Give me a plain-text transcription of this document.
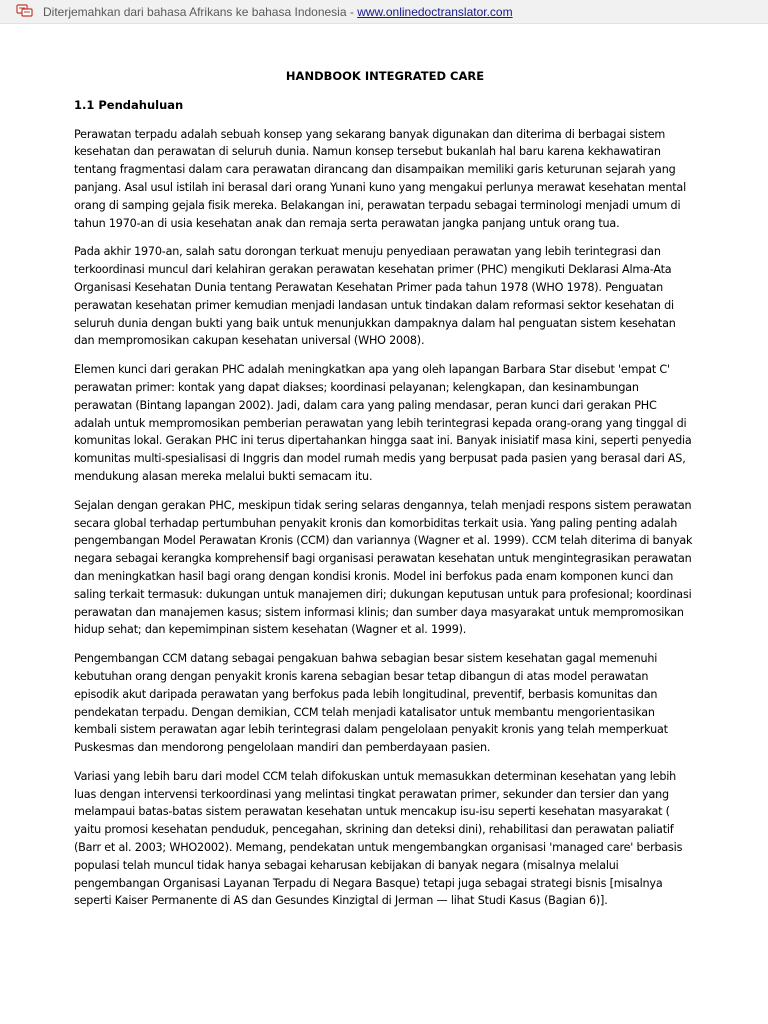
Diterjemahkan dari bahasa Afrikans ke bahasa Indonesia - www.onlinedoctranslator.com
HANDBOOK INTEGRATED CARE
1.1 Pendahuluan

Perawatan terpadu adalah sebuah konsep yang sekarang banyak digunakan dan diterima di berbagai sistem kesehatan dan perawatan di seluruh dunia. Namun konsep tersebut bukanlah hal baru karena kekhawatiran tentang fragmentasi dalam cara perawatan dirancang dan disampaikan memiliki garis keturunan sejarah yang panjang. Asal usul istilah ini berasal dari orang Yunani kuno yang mengakui perlunya merawat kesehatan mental orang di samping gejala fisik mereka. Belakangan ini, perawatan terpadu sebagai terminologi menjadi umum di tahun 1970-an di usia kesehatan anak dan remaja serta perawatan jangka panjang untuk orang tua.

Pada akhir 1970-an, salah satu dorongan terkuat menuju penyediaan perawatan yang lebih terintegrasi dan terkoordinasi muncul dari kelahiran gerakan perawatan kesehatan primer (PHC) mengikuti Deklarasi Alma-Ata Organisasi Kesehatan Dunia tentang Perawatan Kesehatan Primer pada tahun 1978 (WHO 1978). Penguatan perawatan kesehatan primer kemudian menjadi landasan untuk tindakan dalam reformasi sektor kesehatan di seluruh dunia dengan bukti yang baik untuk menunjukkan dampaknya dalam hal penguatan sistem kesehatan dan mempromosikan cakupan kesehatan universal (WHO 2008).

Elemen kunci dari gerakan PHC adalah meningkatkan apa yang oleh lapangan Barbara Star disebut 'empat C' perawatan primer: kontak yang dapat diakses; koordinasi pelayanan; kelengkapan, dan kesinambungan perawatan (Bintang lapangan 2002). Jadi, dalam cara yang paling mendasar, peran kunci dari gerakan PHC adalah untuk mempromosikan pemberian perawatan yang lebih terintegrasi kepada orang-orang yang tinggal di komunitas lokal. Gerakan PHC ini terus dipertahankan hingga saat ini. Banyak inisiatif masa kini, seperti penyedia komunitas multi-spesialisasi di Inggris dan model rumah medis yang berpusat pada pasien yang berasal dari AS, mendukung alasan mereka melalui bukti semacam itu.

Sejalan dengan gerakan PHC, meskipun tidak sering selaras dengannya, telah menjadi respons sistem perawatan secara global terhadap pertumbuhan penyakit kronis dan komorbiditas terkait usia. Yang paling penting adalah pengembangan Model Perawatan Kronis (CCM) dan variannya (Wagner et al. 1999). CCM telah diterima di banyak negara sebagai kerangka komprehensif bagi organisasi perawatan kesehatan untuk mengintegrasikan perawatan dan meningkatkan hasil bagi orang dengan kondisi kronis. Model ini berfokus pada enam komponen kunci dan saling terkait termasuk: dukungan untuk manajemen diri; dukungan keputusan untuk para profesional; koordinasi perawatan dan manajemen kasus; sistem informasi klinis; dan sumber daya masyarakat untuk mempromosikan hidup sehat; dan kepemimpinan sistem kesehatan (Wagner et al. 1999).

Pengembangan CCM datang sebagai pengakuan bahwa sebagian besar sistem kesehatan gagal memenuhi kebutuhan orang dengan penyakit kronis karena sebagian besar tetap dibangun di atas model perawatan episodik akut daripada perawatan yang berfokus pada lebih longitudinal, preventif, berbasis komunitas dan pendekatan terpadu. Dengan demikian, CCM telah menjadi katalisator untuk membantu mengorientasikan kembali sistem perawatan agar lebih terintegrasi dalam pengelolaan penyakit kronis yang telah memperkuat Puskesmas dan mendorong pengelolaan mandiri dan pemberdayaan pasien.

Variasi yang lebih baru dari model CCM telah difokuskan untuk memasukkan determinan kesehatan yang lebih luas dengan intervensi terkoordinasi yang melintasi tingkat perawatan primer, sekunder dan tersier dan yang melampaui batas-batas sistem perawatan kesehatan untuk mencakup isu-isu seperti kesehatan masyarakat ( yaitu promosi kesehatan penduduk, pencegahan, skrining dan deteksi dini), rehabilitasi dan perawatan paliatif (Barr et al. 2003; WHO2002). Memang, pendekatan untuk mengembangkan organisasi 'managed care' berbasis populasi telah muncul tidak hanya sebagai keharusan kebijakan di banyak negara (misalnya melalui pengembangan Organisasi Layanan Terpadu di Negara Basque) tetapi juga sebagai strategi bisnis [misalnya seperti Kaiser Permanente di AS dan Gesundes Kinzigtal di Jerman — lihat Studi Kasus (Bagian 6)].
